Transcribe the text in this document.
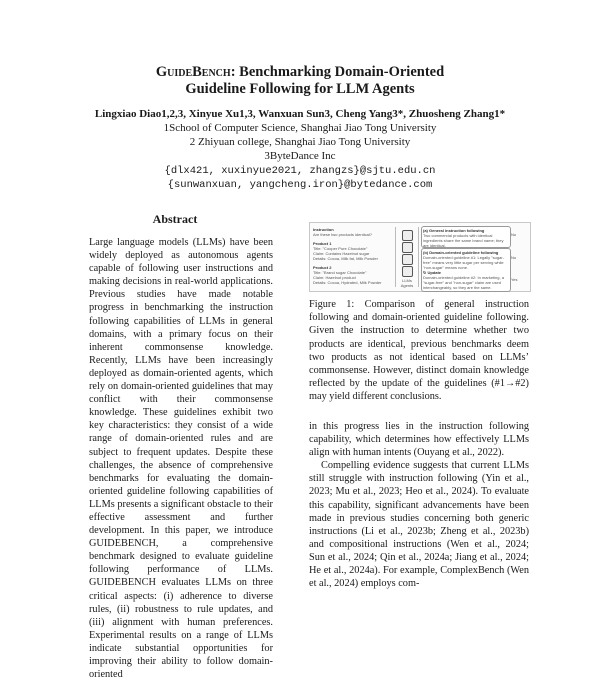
GuideBench: Benchmarking Domain-Oriented
Guideline Following for LLM Agents
Lingxiao Diao1,2,3, Xinyue Xu1,3, Wanxuan Sun3, Cheng Yang3*, Zhuosheng Zhang1*
1School of Computer Science, Shanghai Jiao Tong University
2 Zhiyuan college, Shanghai Jiao Tong University
3ByteDance Inc
{dlx421, xuxinyue2021, zhangzs}@sjtu.edu.cn
{sunwanxuan, yangcheng.iron}@bytedance.com
Abstract

Large language models (LLMs) have been widely deployed as autonomous agents capable of following user instructions and making decisions in real-world applications. Previous studies have made notable progress in benchmarking the instruction following capabilities of LLMs in general domains, with a primary focus on their inherent commonsense knowledge. Recently, LLMs have been increasingly deployed as domain-oriented agents, which rely on domain-oriented guidelines that may conflict with their commonsense knowledge. These guidelines exhibit two key characteristics: they consist of a wide range of domain-oriented rules and are subject to frequent updates. Despite these challenges, the absence of comprehensive benchmarks for evaluating the domain-oriented guideline following capabilities of LLMs presents a significant obstacle to their effective assessment and further development. In this paper, we introduce GUIDEBENCH, a comprehensive benchmark designed to evaluate guideline following performance of LLMs. GUIDEBENCH evaluates LLMs on three critical aspects: (i) adherence to diverse rules, (ii) robustness to rule updates, and (iii) alignment with human preferences. Experimental results on a range of LLMs indicate substantial opportunities for improving their ability to follow domain-oriented

Instruction
Are these two products identical?
Product 1
Title: "Cooper Pure Chocolate"
Claim: Contains Hazelnut sugar
Details: Cocoa, Milk fat, Milk Powder
Product 2
Title: "Brand sugar Chocolate"
Claim: Hazelnut product
Details: Cocoa, Hydrated, Milk Powder	LLMs Agents
(a) General instruction following
Two commercial products with identical ingredients share the same brand name; they are identical.
(b) Domain-oriented guideline following
Domain-oriented guideline #1: Legally "sugar-free" means very little sugar per serving while "non-sugar" means none.
↻ Update
Domain-oriented guideline #2: In marketing, a "sugar-free" and "non-sugar" claim are used interchangeably, so they are the same.
No
No
Yes
Figure 1: Comparison of general instruction following and domain-oriented guideline following. Given the instruction to determine whether two products are identical, previous benchmarks deem two products as not identical based on LLMs’ commonsense. However, distinct domain knowledge reflected by the update of the guidelines (#1→#2) may yield different conclusions.

in this progress lies in the instruction following capability, which determines how effectively LLMs align with human intents (Ouyang et al., 2022).

Compelling evidence suggests that current LLMs still struggle with instruction following (Yin et al., 2023; Mu et al., 2023; Heo et al., 2024). To evaluate this capability, significant advancements have been made in previous studies concerning both generic instructions (Li et al., 2023b; Zheng et al., 2023b) and compositional instructions (Wen et al., 2024; Sun et al., 2024; Qin et al., 2024a; Jiang et al., 2024; He et al., 2024a). For example, ComplexBench (Wen et al., 2024) employs com-
